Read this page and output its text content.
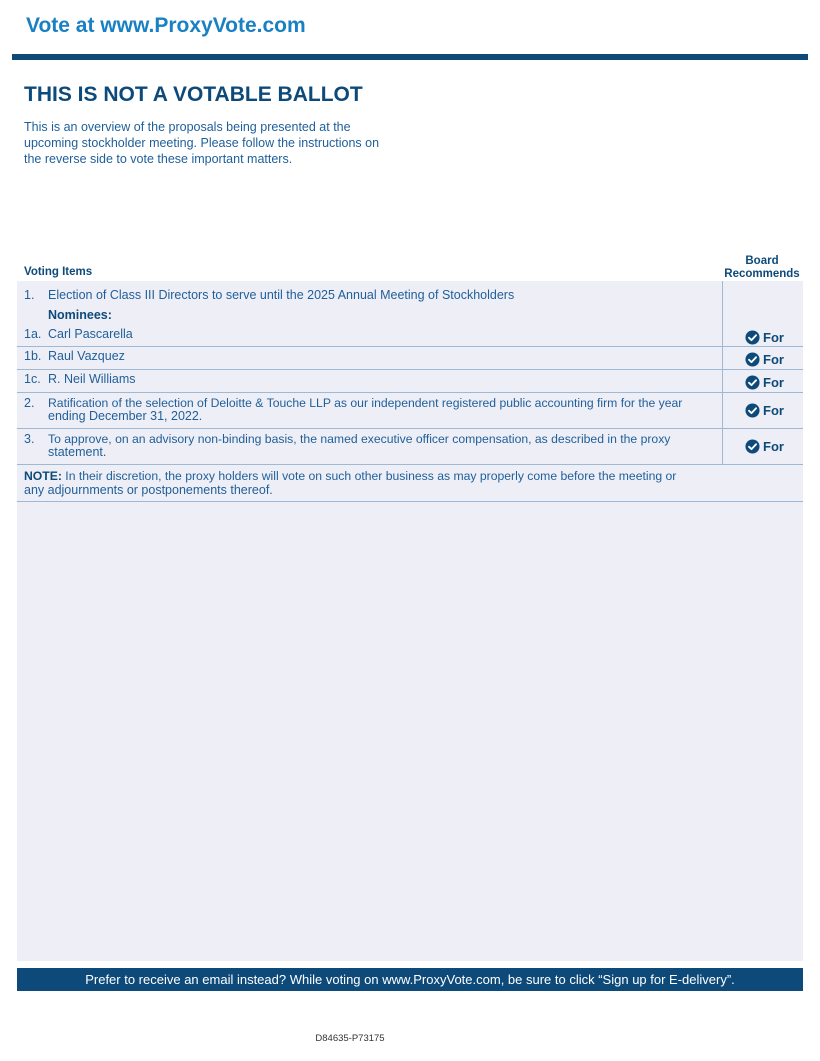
Vote at www.ProxyVote.com
THIS IS NOT A VOTABLE BALLOT
This is an overview of the proposals being presented at the
upcoming stockholder meeting. Please follow the instructions on
the reverse side to vote these important matters.
Voting Items
Board
Recommends
1. Election of Class III Directors to serve until the 2025 Annual Meeting of Stockholders
Nominees:
1a. Carl Pascarella	For
1b. Raul Vazquez	For
1c. R. Neil Williams	For
2. Ratification of the selection of Deloitte & Touche LLP as our independent registered public accounting firm for the year
ending December 31, 2022.	For
3. To approve, on an advisory non-binding basis, the named executive officer compensation, as described in the proxy
statement.	For
NOTE: In their discretion, the proxy holders will vote on such other business as may properly come before the meeting or
any adjournments or postponements thereof.
Prefer to receive an email instead? While voting on www.ProxyVote.com, be sure to click “Sign up for E-delivery”.
D84635-P73175
